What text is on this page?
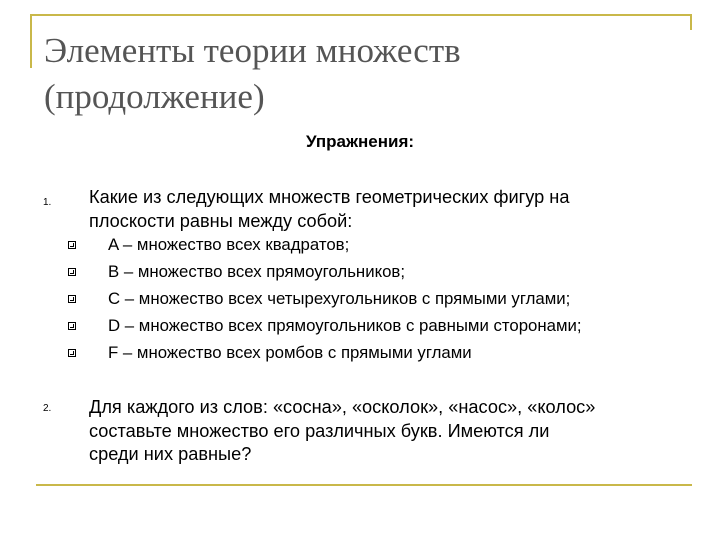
Элементы теории множеств
(продолжение)
Упражнения:
1. Какие из следующих множеств геометрических фигур на
плоскости равны между собой:
A – множество всех квадратов;
B – множество всех прямоугольников;
C – множество всех четырехугольников с прямыми углами;
D – множество всех прямоугольников с равными сторонами;
F – множество всех ромбов с прямыми углами
2. Для каждого из слов: «сосна», «осколок», «насос», «колос»
составьте множество его различных букв. Имеются ли
среди них равные?
